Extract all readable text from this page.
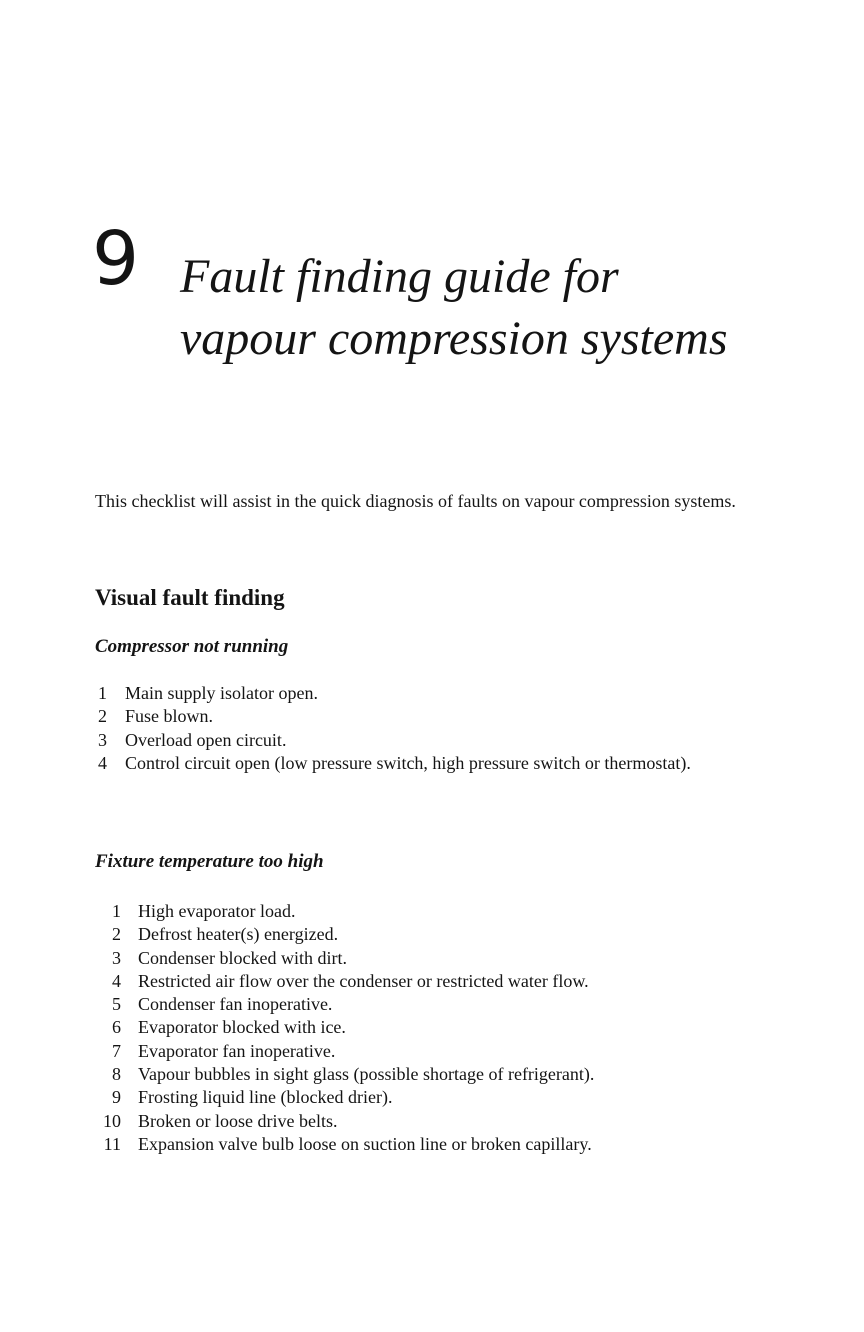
9 Fault finding guide for
vapour compression systems

This checklist will assist in the quick diagnosis of faults on vapour compression systems.

Visual fault finding
Compressor not running
1 Main supply isolator open.
2 Fuse blown.
3 Overload open circuit.
4 Control circuit open (low pressure switch, high pressure switch or thermostat).
Fixture temperature too high
1 High evaporator load.
2 Defrost heater(s) energized.
3 Condenser blocked with dirt.
4 Restricted air flow over the condenser or restricted water flow.
5 Condenser fan inoperative.
6 Evaporator blocked with ice.
7 Evaporator fan inoperative.
8 Vapour bubbles in sight glass (possible shortage of refrigerant).
9 Frosting liquid line (blocked drier).
10 Broken or loose drive belts.
11 Expansion valve bulb loose on suction line or broken capillary.
